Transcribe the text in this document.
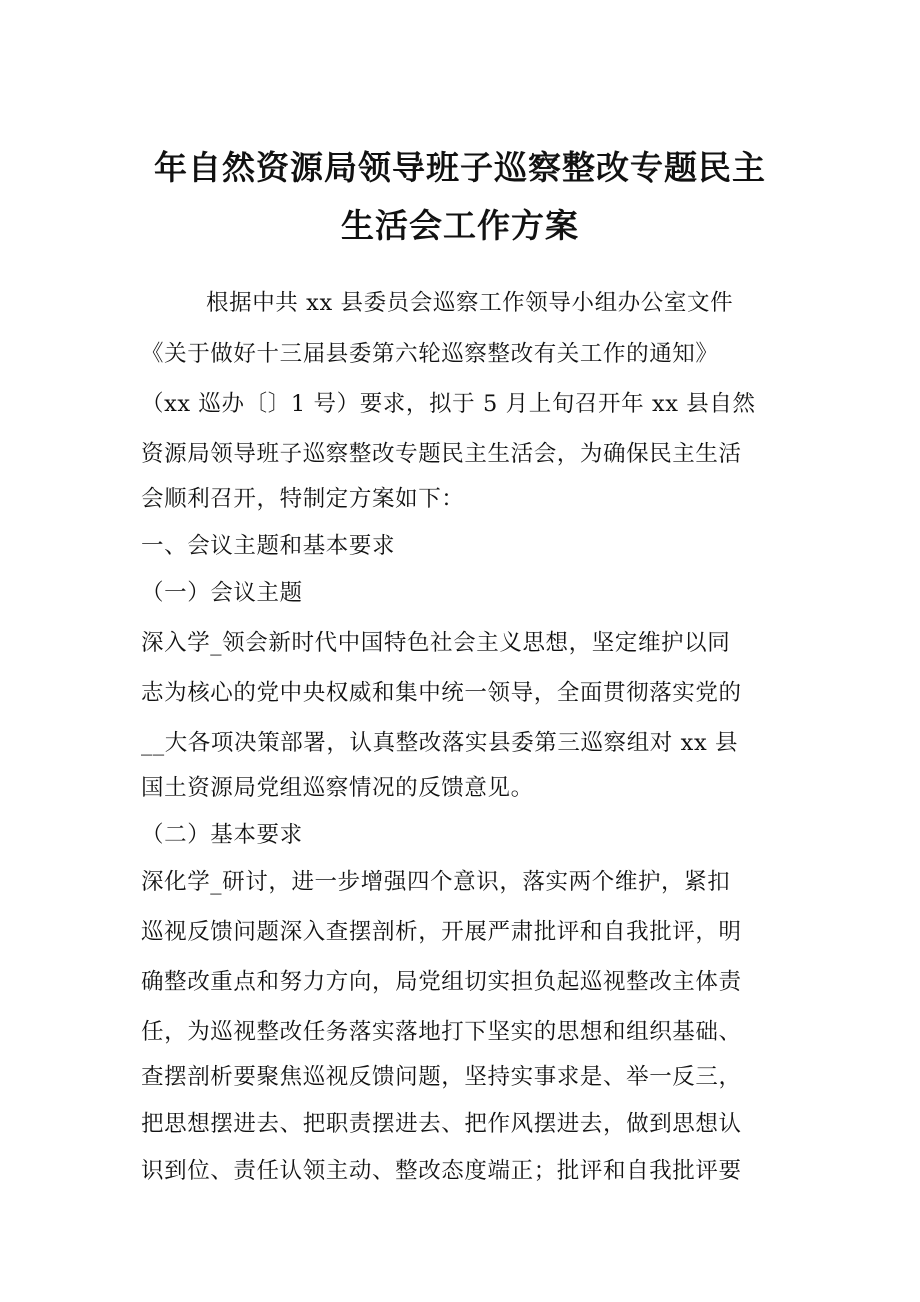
年自然资源局领导班子巡察整改专题民主
生活会工作方案
根据中共 xx 县委员会巡察工作领导小组办公室文件
《关于做好十三届县委第六轮巡察整改有关工作的通知》
（xx 巡办〔〕1 号）要求，拟于 5 月上旬召开年 xx 县自然
资源局领导班子巡察整改专题民主生活会，为确保民主生活
会顺利召开，特制定方案如下：
一、会议主题和基本要求
（一）会议主题
深入学_领会新时代中国特色社会主义思想，坚定维护以同
志为核心的党中央权威和集中统一领导，全面贯彻落实党的
__大各项决策部署，认真整改落实县委第三巡察组对 xx 县
国土资源局党组巡察情况的反馈意见。
（二）基本要求
深化学_研讨，进一步增强四个意识，落实两个维护，紧扣
巡视反馈问题深入查摆剖析，开展严肃批评和自我批评，明
确整改重点和努力方向，局党组切实担负起巡视整改主体责
任，为巡视整改任务落实落地打下坚实的思想和组织基础、
查摆剖析要聚焦巡视反馈问题，坚持实事求是、举一反三，
把思想摆进去、把职责摆进去、把作风摆进去，做到思想认
识到位、责任认领主动、整改态度端正；批评和自我批评要
